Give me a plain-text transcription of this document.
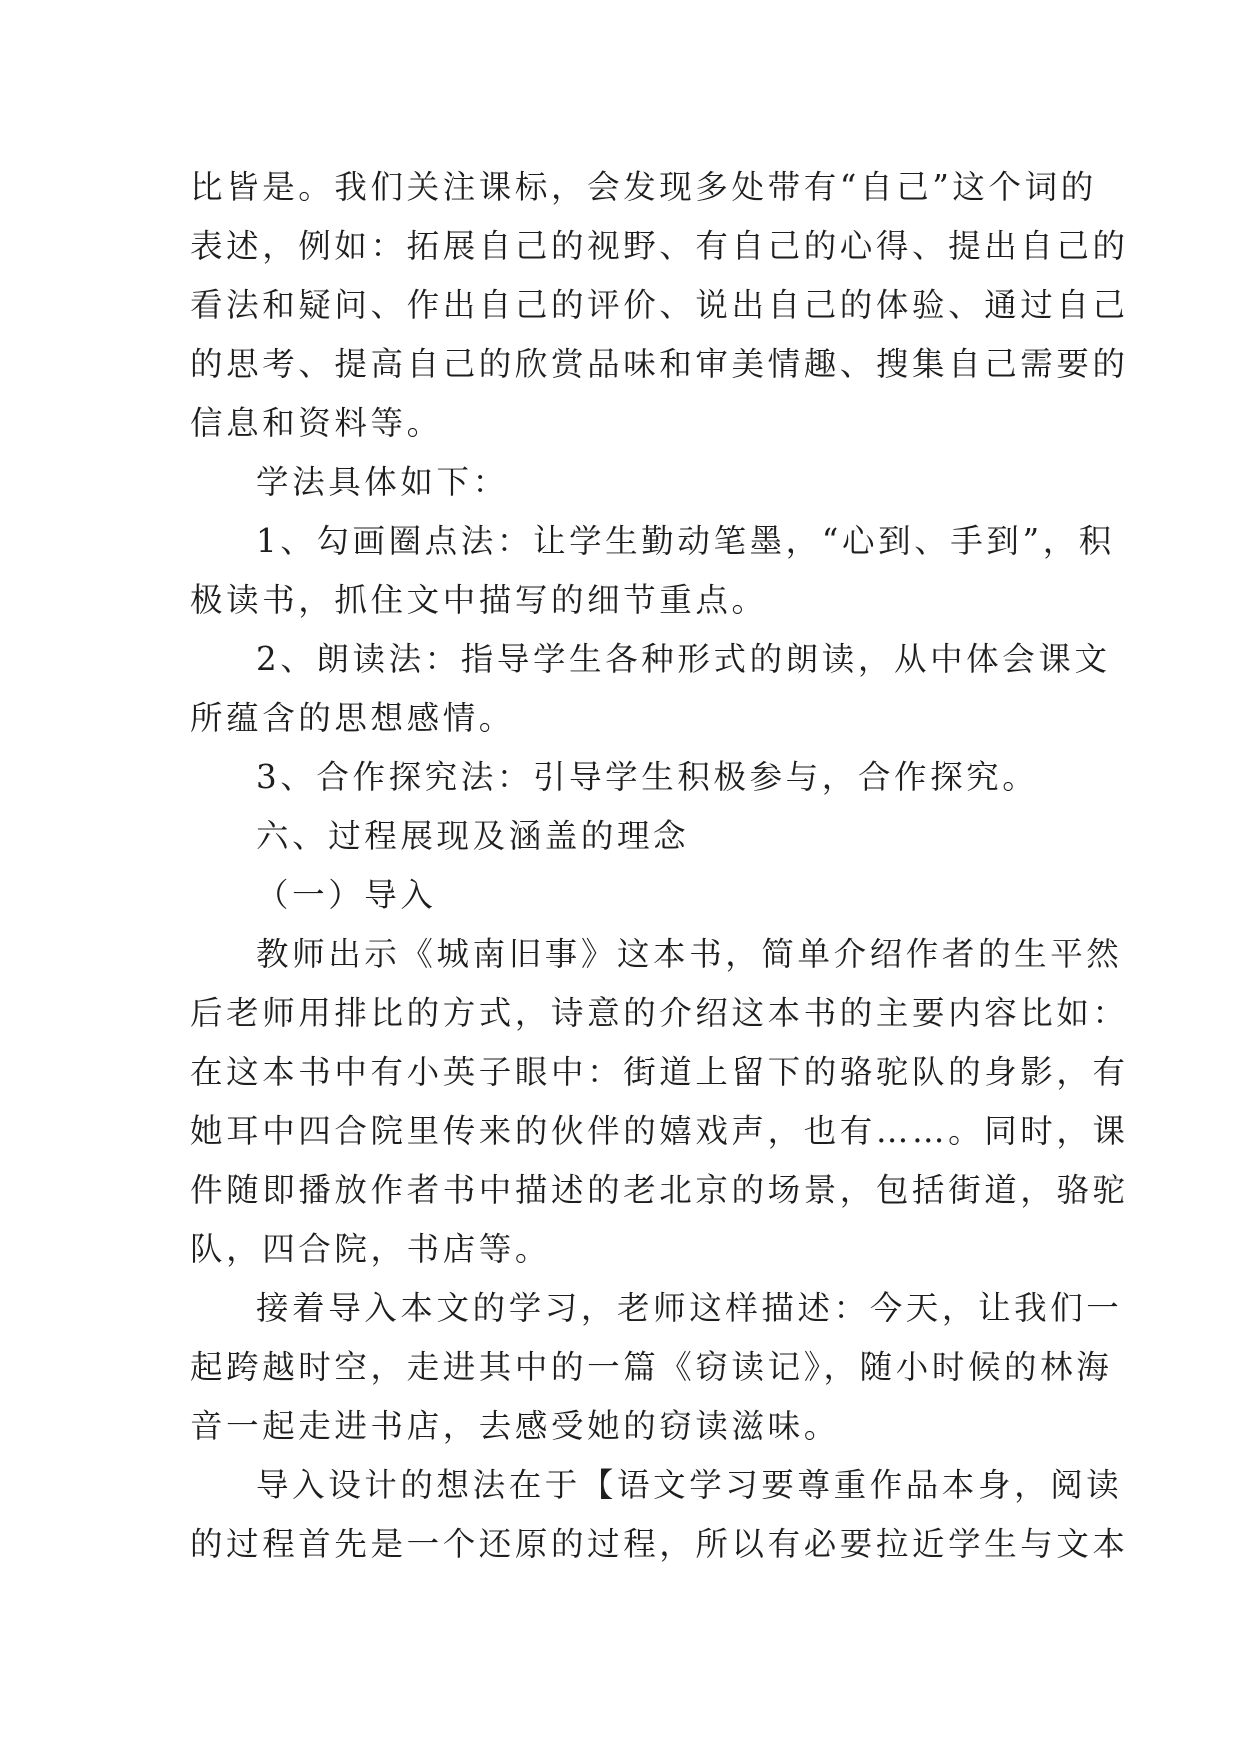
比皆是。我们关注课标，会发现多处带有“自己”这个词的
表述，例如：拓展自己的视野、有自己的心得、提出自己的
看法和疑问、作出自己的评价、说出自己的体验、通过自己
的思考、提高自己的欣赏品味和审美情趣、搜集自己需要的
信息和资料等。
学法具体如下：
1、勾画圈点法：让学生勤动笔墨，“心到、手到”，积
极读书，抓住文中描写的细节重点。
2、朗读法：指导学生各种形式的朗读，从中体会课文
所蕴含的思想感情。
3、合作探究法：引导学生积极参与，合作探究。
六、过程展现及涵盖的理念
（一）导入
教师出示《城南旧事》这本书，简单介绍作者的生平然
后老师用排比的方式，诗意的介绍这本书的主要内容比如：
在这本书中有小英子眼中：街道上留下的骆驼队的身影，有
她耳中四合院里传来的伙伴的嬉戏声，也有……。同时，课
件随即播放作者书中描述的老北京的场景，包括街道，骆驼
队，四合院，书店等。
接着导入本文的学习，老师这样描述：今天，让我们一
起跨越时空，走进其中的一篇《窃读记》，随小时候的林海
音一起走进书店，去感受她的窃读滋味。
导入设计的想法在于【语文学习要尊重作品本身，阅读
的过程首先是一个还原的过程，所以有必要拉近学生与文本
